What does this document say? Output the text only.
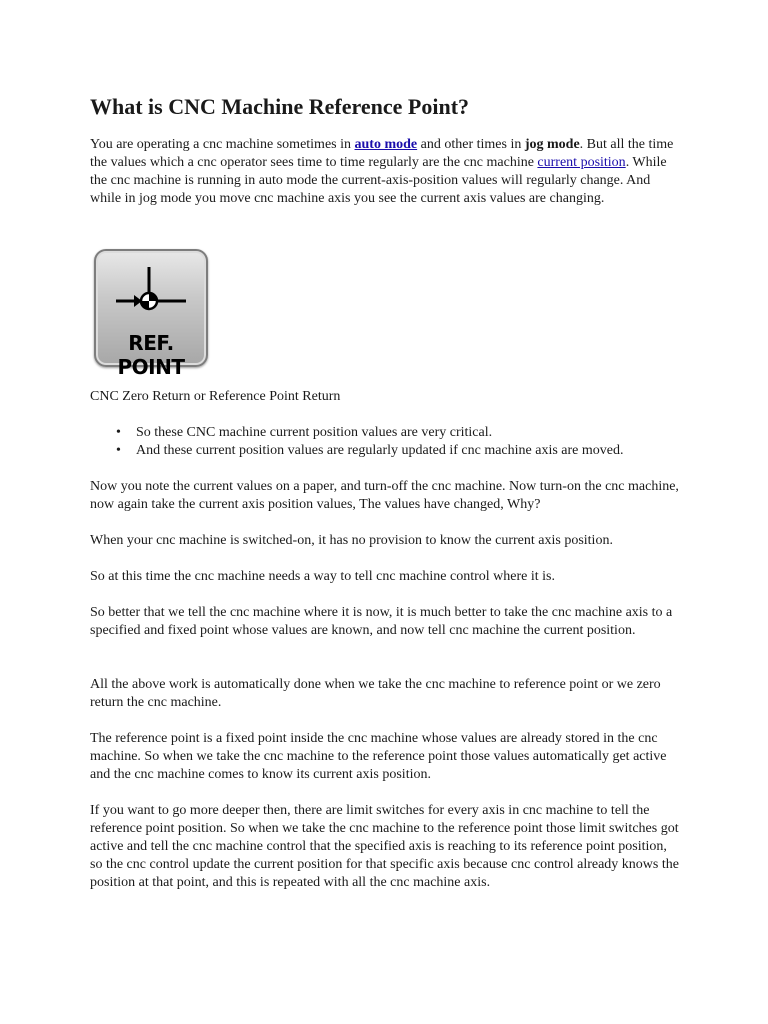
What is CNC Machine Reference Point?

You are operating a cnc machine sometimes in auto mode and other times in jog mode. But all the time the values which a cnc operator sees time to time regularly are the cnc machine current position. While the cnc machine is running in auto mode the current-axis-position values will regularly change. And while in jog mode you move cnc machine axis you see the current axis values are changing.

REF. POINT

CNC Zero Return or Reference Point Return

• So these CNC machine current position values are very critical.
• And these current position values are regularly updated if cnc machine axis are moved.

Now you note the current values on a paper, and turn-off the cnc machine. Now turn-on the cnc machine, now again take the current axis position values, The values have changed, Why?

When your cnc machine is switched-on, it has no provision to know the current axis position.

So at this time the cnc machine needs a way to tell cnc machine control where it is.

So better that we tell the cnc machine where it is now, it is much better to take the cnc machine axis to a specified and fixed point whose values are known, and now tell cnc machine the current position.

All the above work is automatically done when we take the cnc machine to reference point or we zero return the cnc machine.

The reference point is a fixed point inside the cnc machine whose values are already stored in the cnc machine. So when we take the cnc machine to the reference point those values automatically get active and the cnc machine comes to know its current axis position.

If you want to go more deeper then, there are limit switches for every axis in cnc machine to tell the reference point position. So when we take the cnc machine to the reference point those limit switches got active and tell the cnc machine control that the specified axis is reaching to its reference point position, so the cnc control update the current position for that specific axis because cnc control already knows the position at that point, and this is repeated with all the cnc machine axis.
